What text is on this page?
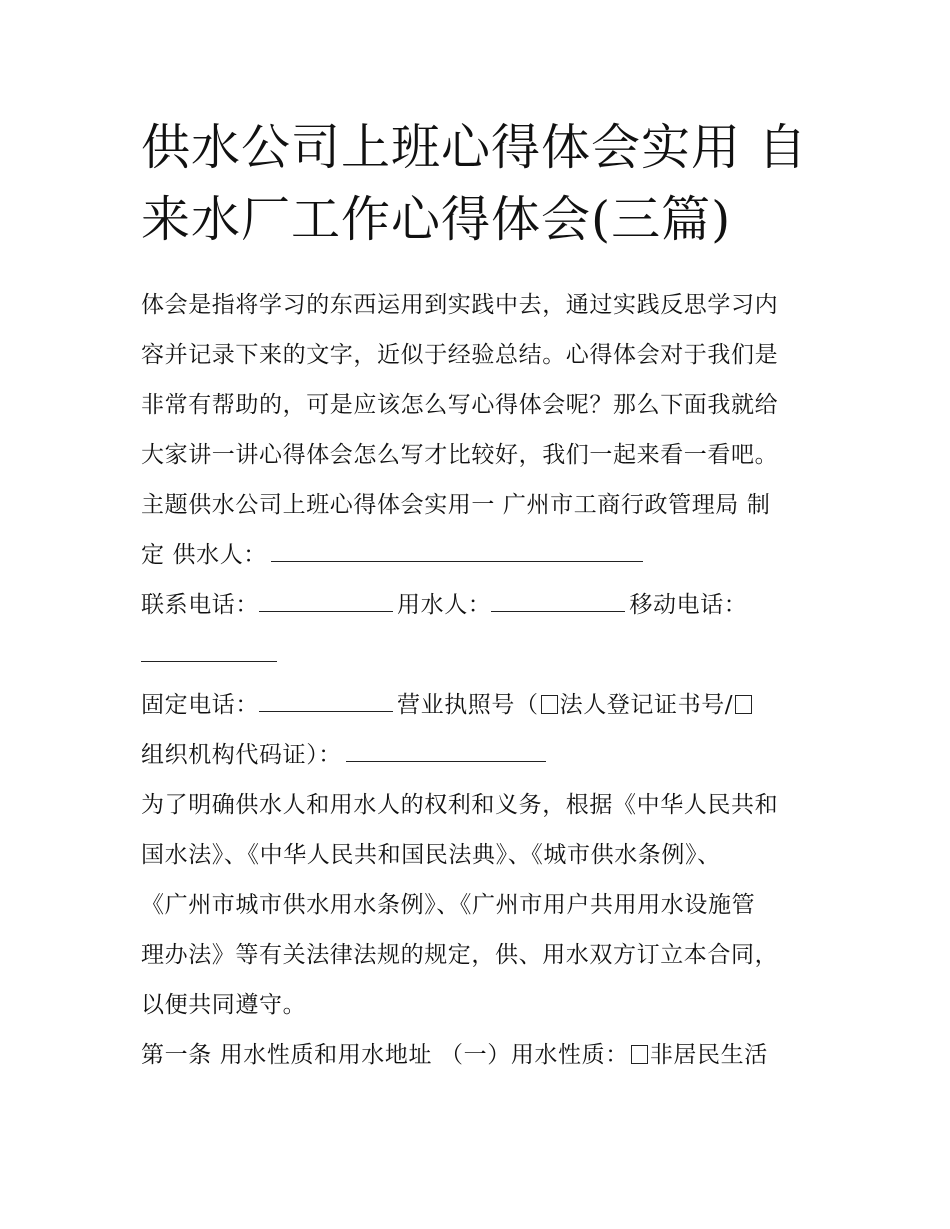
供水公司上班心得体会实用 自
来水厂工作心得体会(三篇)
体会是指将学习的东西运用到实践中去，通过实践反思学习内
容并记录下来的文字，近似于经验总结。心得体会对于我们是
非常有帮助的，可是应该怎么写心得体会呢？那么下面我就给
大家讲一讲心得体会怎么写才比较好，我们一起来看一看吧。
主题供水公司上班心得体会实用一 广州市工商行政管理局 制
定 供水人：
联系电话：	用水人：	移动电话：
固定电话：	营业执照号（ 法人登记证书号/
组织机构代码证）：
为了明确供水人和用水人的权利和义务，根据《中华人民共和
国水法》、《中华人民共和国民法典》、《城市供水条例》、
《广州市城市供水用水条例》、《广州市用户共用用水设施管
理办法》等有关法律法规的规定，供、用水双方订立本合同，
以便共同遵守。
第一条 用水性质和用水地址 （一）用水性质： 非居民生活
